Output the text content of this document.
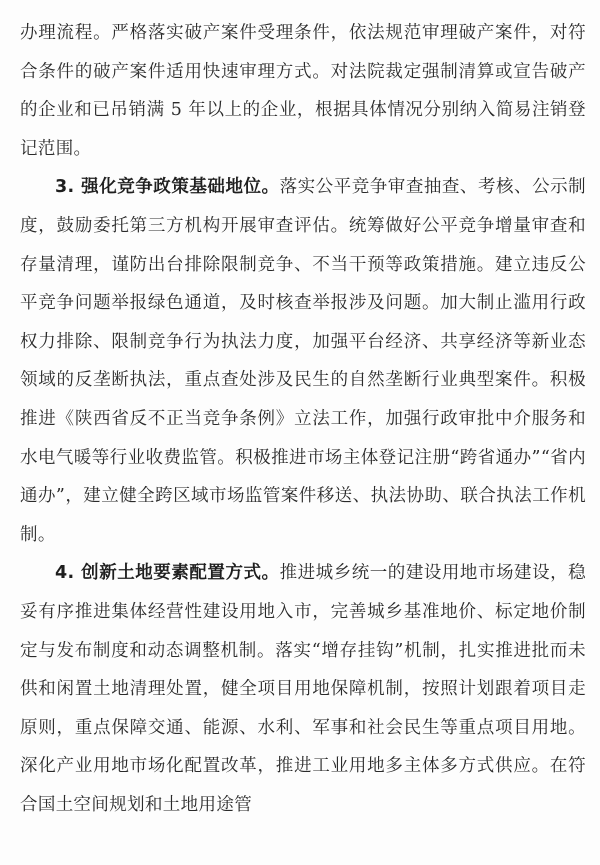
办理流程。严格落实破产案件受理条件，依法规范审理破产案件，对符合条件的破产案件适用快速审理方式。对法院裁定强制清算或宣告破产的企业和已吊销满 5 年以上的企业，根据具体情况分别纳入简易注销登记范围。

3. 强化竞争政策基础地位。落实公平竞争审查抽查、考核、公示制度，鼓励委托第三方机构开展审查评估。统筹做好公平竞争增量审查和存量清理，谨防出台排除限制竞争、不当干预等政策措施。建立违反公平竞争问题举报绿色通道，及时核查举报涉及问题。加大制止滥用行政权力排除、限制竞争行为执法力度，加强平台经济、共享经济等新业态领域的反垄断执法，重点查处涉及民生的自然垄断行业典型案件。积极推进《陕西省反不正当竞争条例》立法工作，加强行政审批中介服务和水电气暖等行业收费监管。积极推进市场主体登记注册“跨省通办”“省内通办”，建立健全跨区域市场监管案件移送、执法协助、联合执法工作机制。

4. 创新土地要素配置方式。推进城乡统一的建设用地市场建设，稳妥有序推进集体经营性建设用地入市，完善城乡基准地价、标定地价制定与发布制度和动态调整机制。落实“增存挂钩”机制，扎实推进批而未供和闲置土地清理处置，健全项目用地保障机制，按照计划跟着项目走原则，重点保障交通、能源、水利、军事和社会民生等重点项目用地。深化产业用地市场化配置改革，推进工业用地多主体多方式供应。在符合国土空间规划和土地用途管
